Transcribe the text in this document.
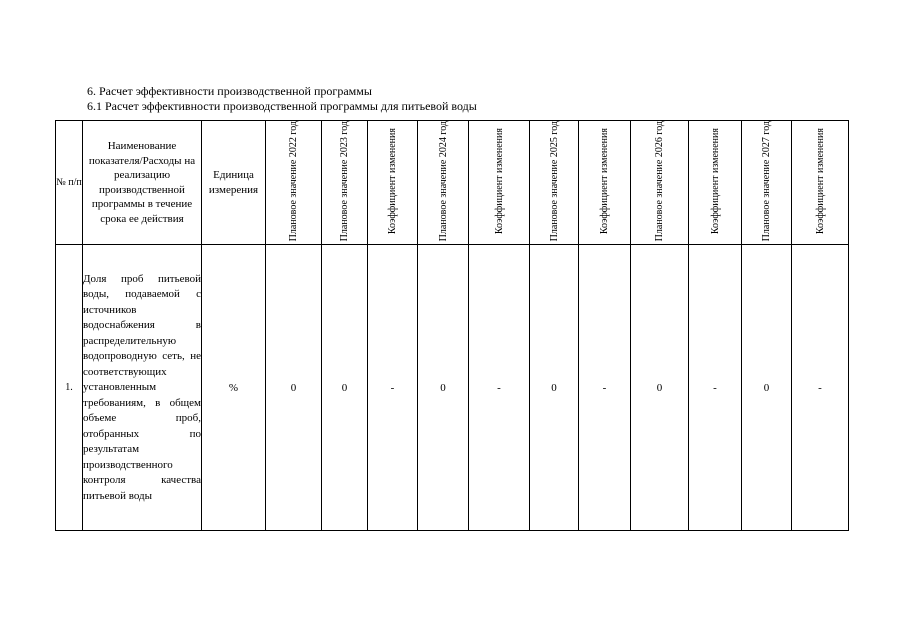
6. Расчет эффективности производственной программы
6.1 Расчет эффективности производственной программы для питьевой воды
№ п/п	Наименование показателя/Расходы на реализацию производственной программы в течение срока ее действия	Единица измерения	Плановое значение 2022 год	Плановое значение 2023 год	Коэффициент изменения	Плановое значение 2024 год	Коэффициент изменения	Плановое значение 2025 год	Коэффициент изменения	Плановое значение 2026 год	Коэффициент изменения	Плановое значение 2027 год	Коэффициент изменения
1.	Доля проб питьевой воды, подаваемой с источников водоснабжения в распределительную водопроводную сеть, не соответствующих установленным требованиям, в общем объеме проб, отобранных по результатам производственного контроля качества питьевой воды	%	0	0	-	0	-	0	-	0	-	0	-
